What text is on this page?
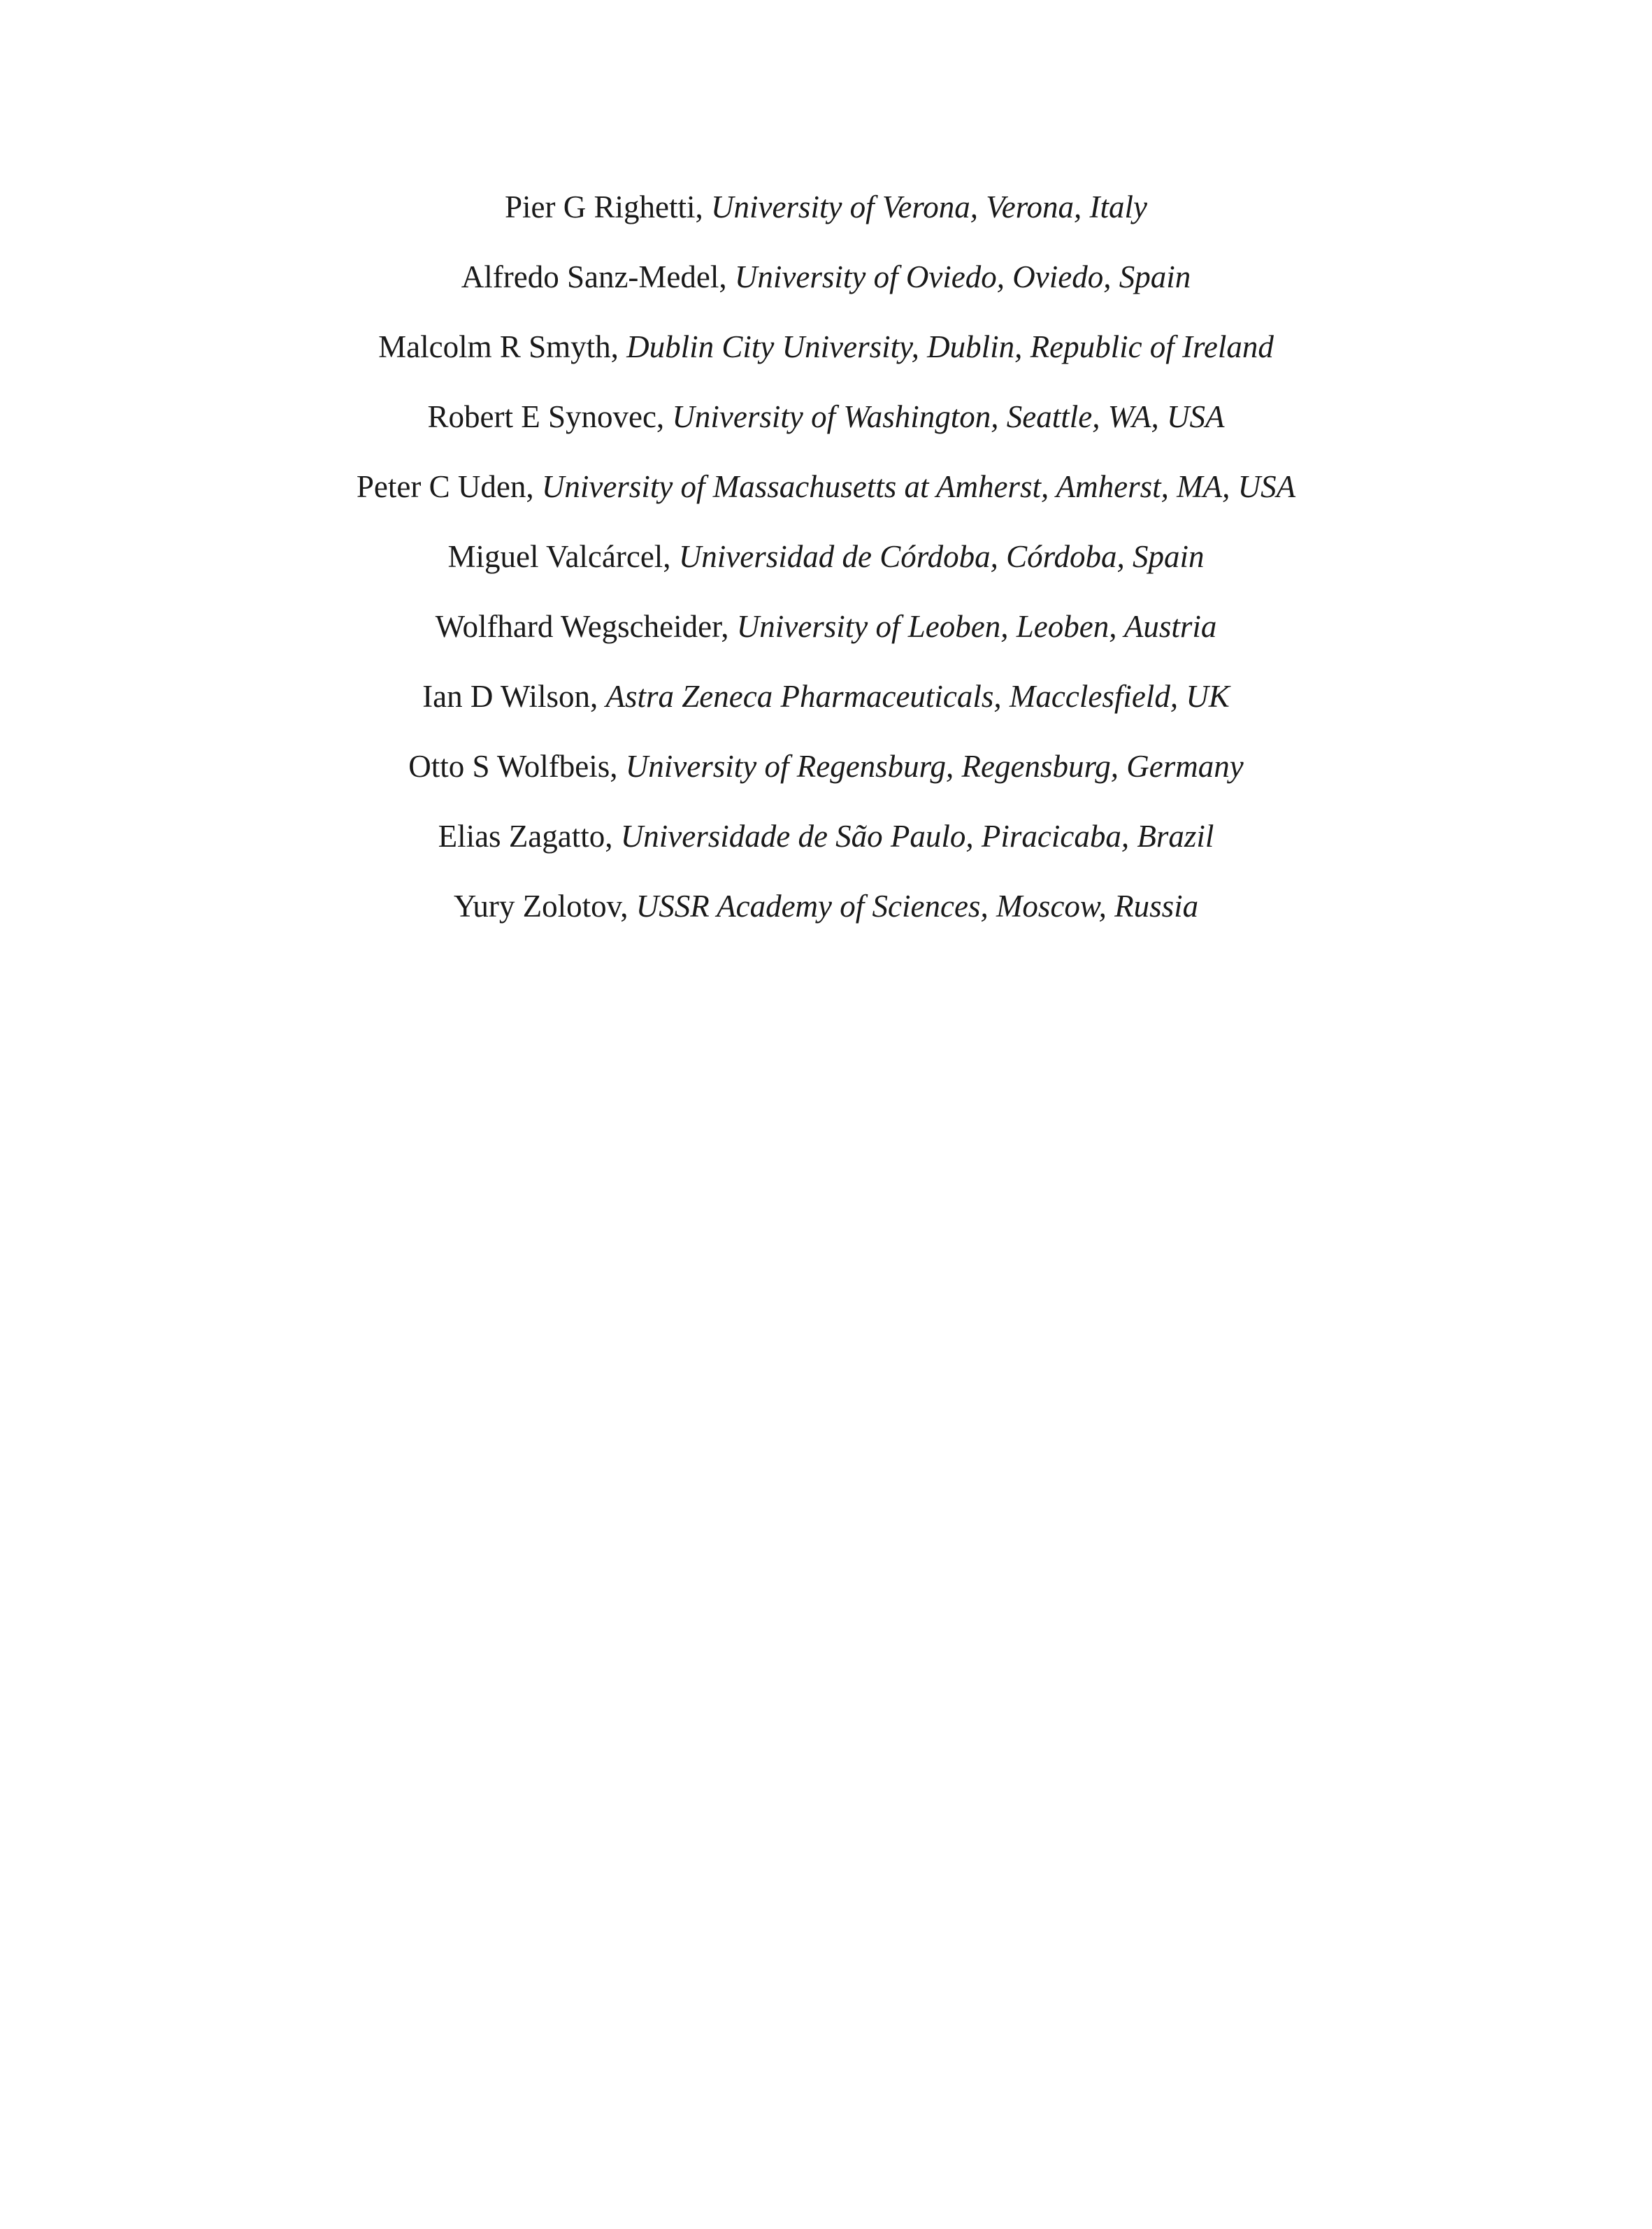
Pier G Righetti, University of Verona, Verona, Italy
Alfredo Sanz-Medel, University of Oviedo, Oviedo, Spain
Malcolm R Smyth, Dublin City University, Dublin, Republic of Ireland
Robert E Synovec, University of Washington, Seattle, WA, USA
Peter C Uden, University of Massachusetts at Amherst, Amherst, MA, USA
Miguel Valcárcel, Universidad de Córdoba, Córdoba, Spain
Wolfhard Wegscheider, University of Leoben, Leoben, Austria
Ian D Wilson, Astra Zeneca Pharmaceuticals, Macclesfield, UK
Otto S Wolfbeis, University of Regensburg, Regensburg, Germany
Elias Zagatto, Universidade de São Paulo, Piracicaba, Brazil
Yury Zolotov, USSR Academy of Sciences, Moscow, Russia
